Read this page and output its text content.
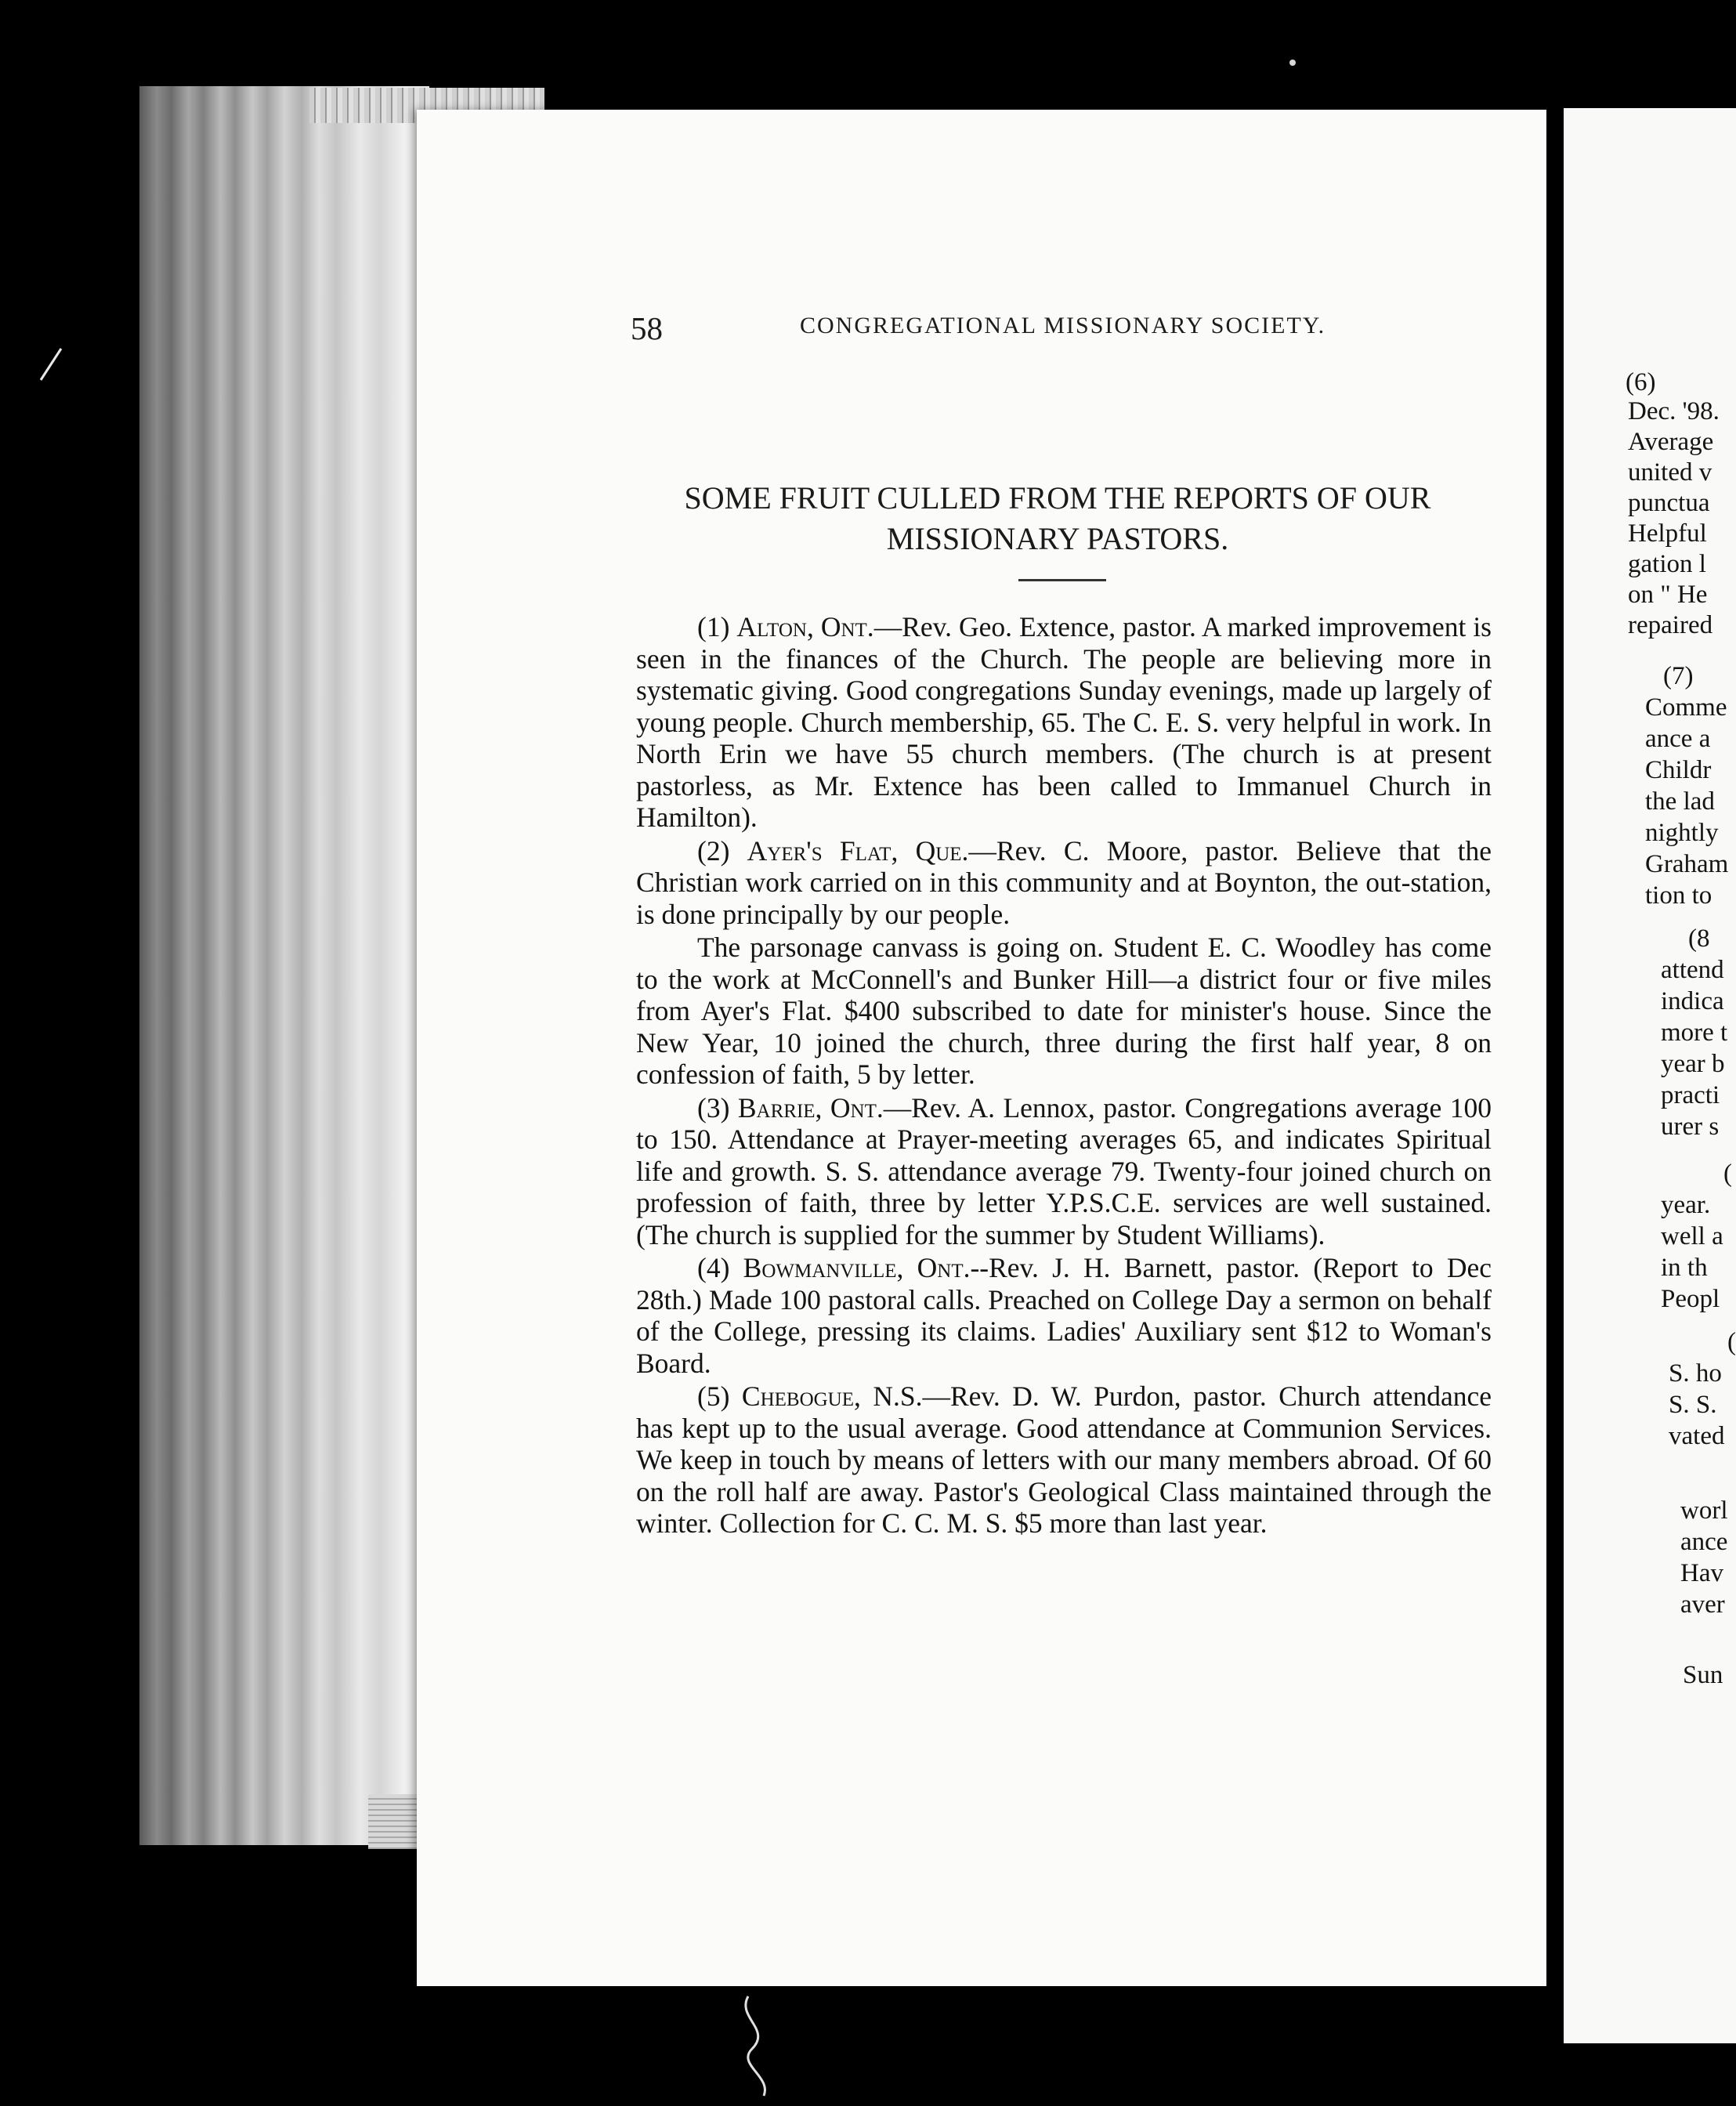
58	CONGREGATIONAL MISSIONARY SOCIETY.
SOME FRUIT CULLED FROM THE REPORTS OF OUR
MISSIONARY PASTORS.

(1) Alton, Ont.—Rev. Geo. Extence, pastor. A marked improvement is seen in the finances of the Church. The people are believing more in systematic giving. Good congregations Sunday evenings, made up largely of young people. Church membership, 65. The C. E. S. very helpful in work. In North Erin we have 55 church members. (The church is at present pastorless, as Mr. Extence has been called to Immanuel Church in Hamilton).

(2) Ayer's Flat, Que.—Rev. C. Moore, pastor. Believe that the Christian work carried on in this community and at Boynton, the out-station, is done principally by our people.

The parsonage canvass is going on. Student E. C. Woodley has come to the work at McConnell's and Bunker Hill—a district four or five miles from Ayer's Flat. $400 subscribed to date for minister's house. Since the New Year, 10 joined the church, three during the first half year, 8 on confession of faith, 5 by letter.

(3) Barrie, Ont.—Rev. A. Lennox, pastor. Congregations average 100 to 150. Attendance at Prayer-meeting averages 65, and indicates Spiritual life and growth. S. S. attendance average 79. Twenty-four joined church on profession of faith, three by letter Y.P.S.C.E. services are well sustained. (The church is supplied for the summer by Student Williams).

(4) Bowmanville, Ont.--Rev. J. H. Barnett, pastor. (Report to Dec 28th.) Made 100 pastoral calls. Preached on College Day a sermon on behalf of the College, pressing its claims. Ladies' Auxiliary sent $12 to Woman's Board.

(5) Chebogue, N.S.—Rev. D. W. Purdon, pastor. Church attendance has kept up to the usual average. Good attendance at Communion Services. We keep in touch by means of letters with our many members abroad. Of 60 on the roll half are away. Pastor's Geological Class maintained through the winter. Collection for C. C. M. S. $5 more than last year.

(6)
Dec. '98.
Average
united v
punctua
Helpful
gation l
on " He
repaired
(7)
Comme
ance a
Childr
the lad
nightly
Graham
tion to
(8
attend
indica
more t
year b
practi
urer s
(
year.
well a
in th
Peopl
(
S. ho
S. S.
vated
worl
ance
Hav
aver
Sun
